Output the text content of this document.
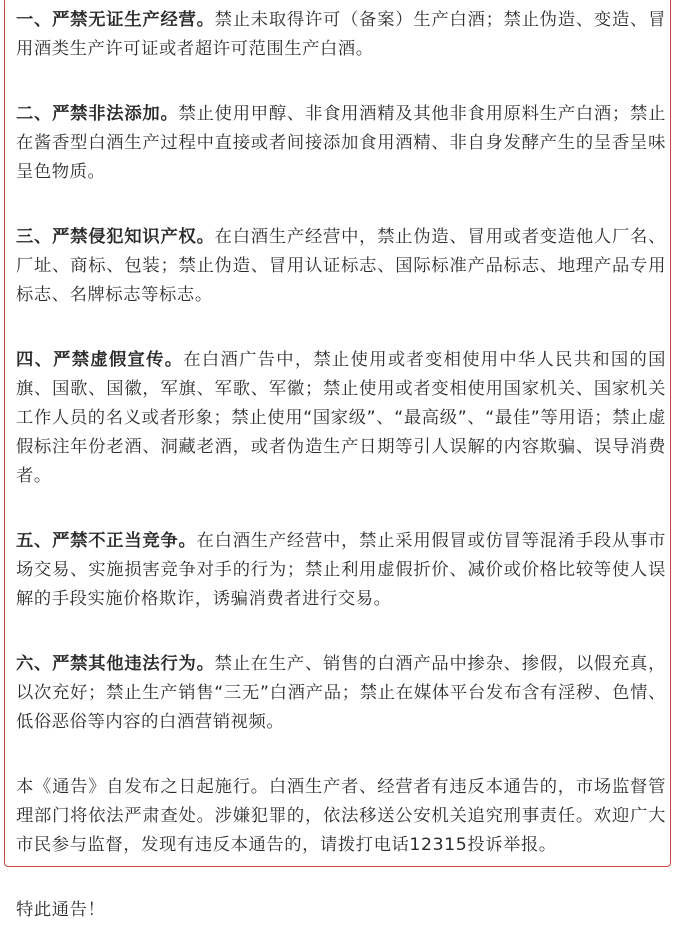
一、严禁无证生产经营。禁止未取得许可（备案）生产白酒；禁止伪造、变造、冒用酒类生产许可证或者超许可范围生产白酒。

二、严禁非法添加。禁止使用甲醇、非食用酒精及其他非食用原料生产白酒；禁止在酱香型白酒生产过程中直接或者间接添加食用酒精、非自身发酵产生的呈香呈味呈色物质。

三、严禁侵犯知识产权。在白酒生产经营中，禁止伪造、冒用或者变造他人厂名、厂址、商标、包装；禁止伪造、冒用认证标志、国际标准产品标志、地理产品专用标志、名牌标志等标志。

四、严禁虚假宣传。在白酒广告中，禁止使用或者变相使用中华人民共和国的国旗、国歌、国徽，军旗、军歌、军徽；禁止使用或者变相使用国家机关、国家机关工作人员的名义或者形象；禁止使用“国家级”、“最高级”、“最佳”等用语；禁止虚假标注年份老酒、洞藏老酒，或者伪造生产日期等引人误解的内容欺骗、误导消费者。

五、严禁不正当竞争。在白酒生产经营中，禁止采用假冒或仿冒等混淆手段从事市场交易、实施损害竞争对手的行为；禁止利用虚假折价、减价或价格比较等使人误解的手段实施价格欺诈，诱骗消费者进行交易。

六、严禁其他违法行为。禁止在生产、销售的白酒产品中掺杂、掺假，以假充真，以次充好；禁止生产销售“三无”白酒产品；禁止在媒体平台发布含有淫秽、色情、低俗恶俗等内容的白酒营销视频。

本《通告》自发布之日起施行。白酒生产者、经营者有违反本通告的，市场监督管理部门将依法严肃查处。涉嫌犯罪的，依法移送公安机关追究刑事责任。欢迎广大市民参与监督，发现有违反本通告的，请拨打电话12315投诉举报。

特此通告！
